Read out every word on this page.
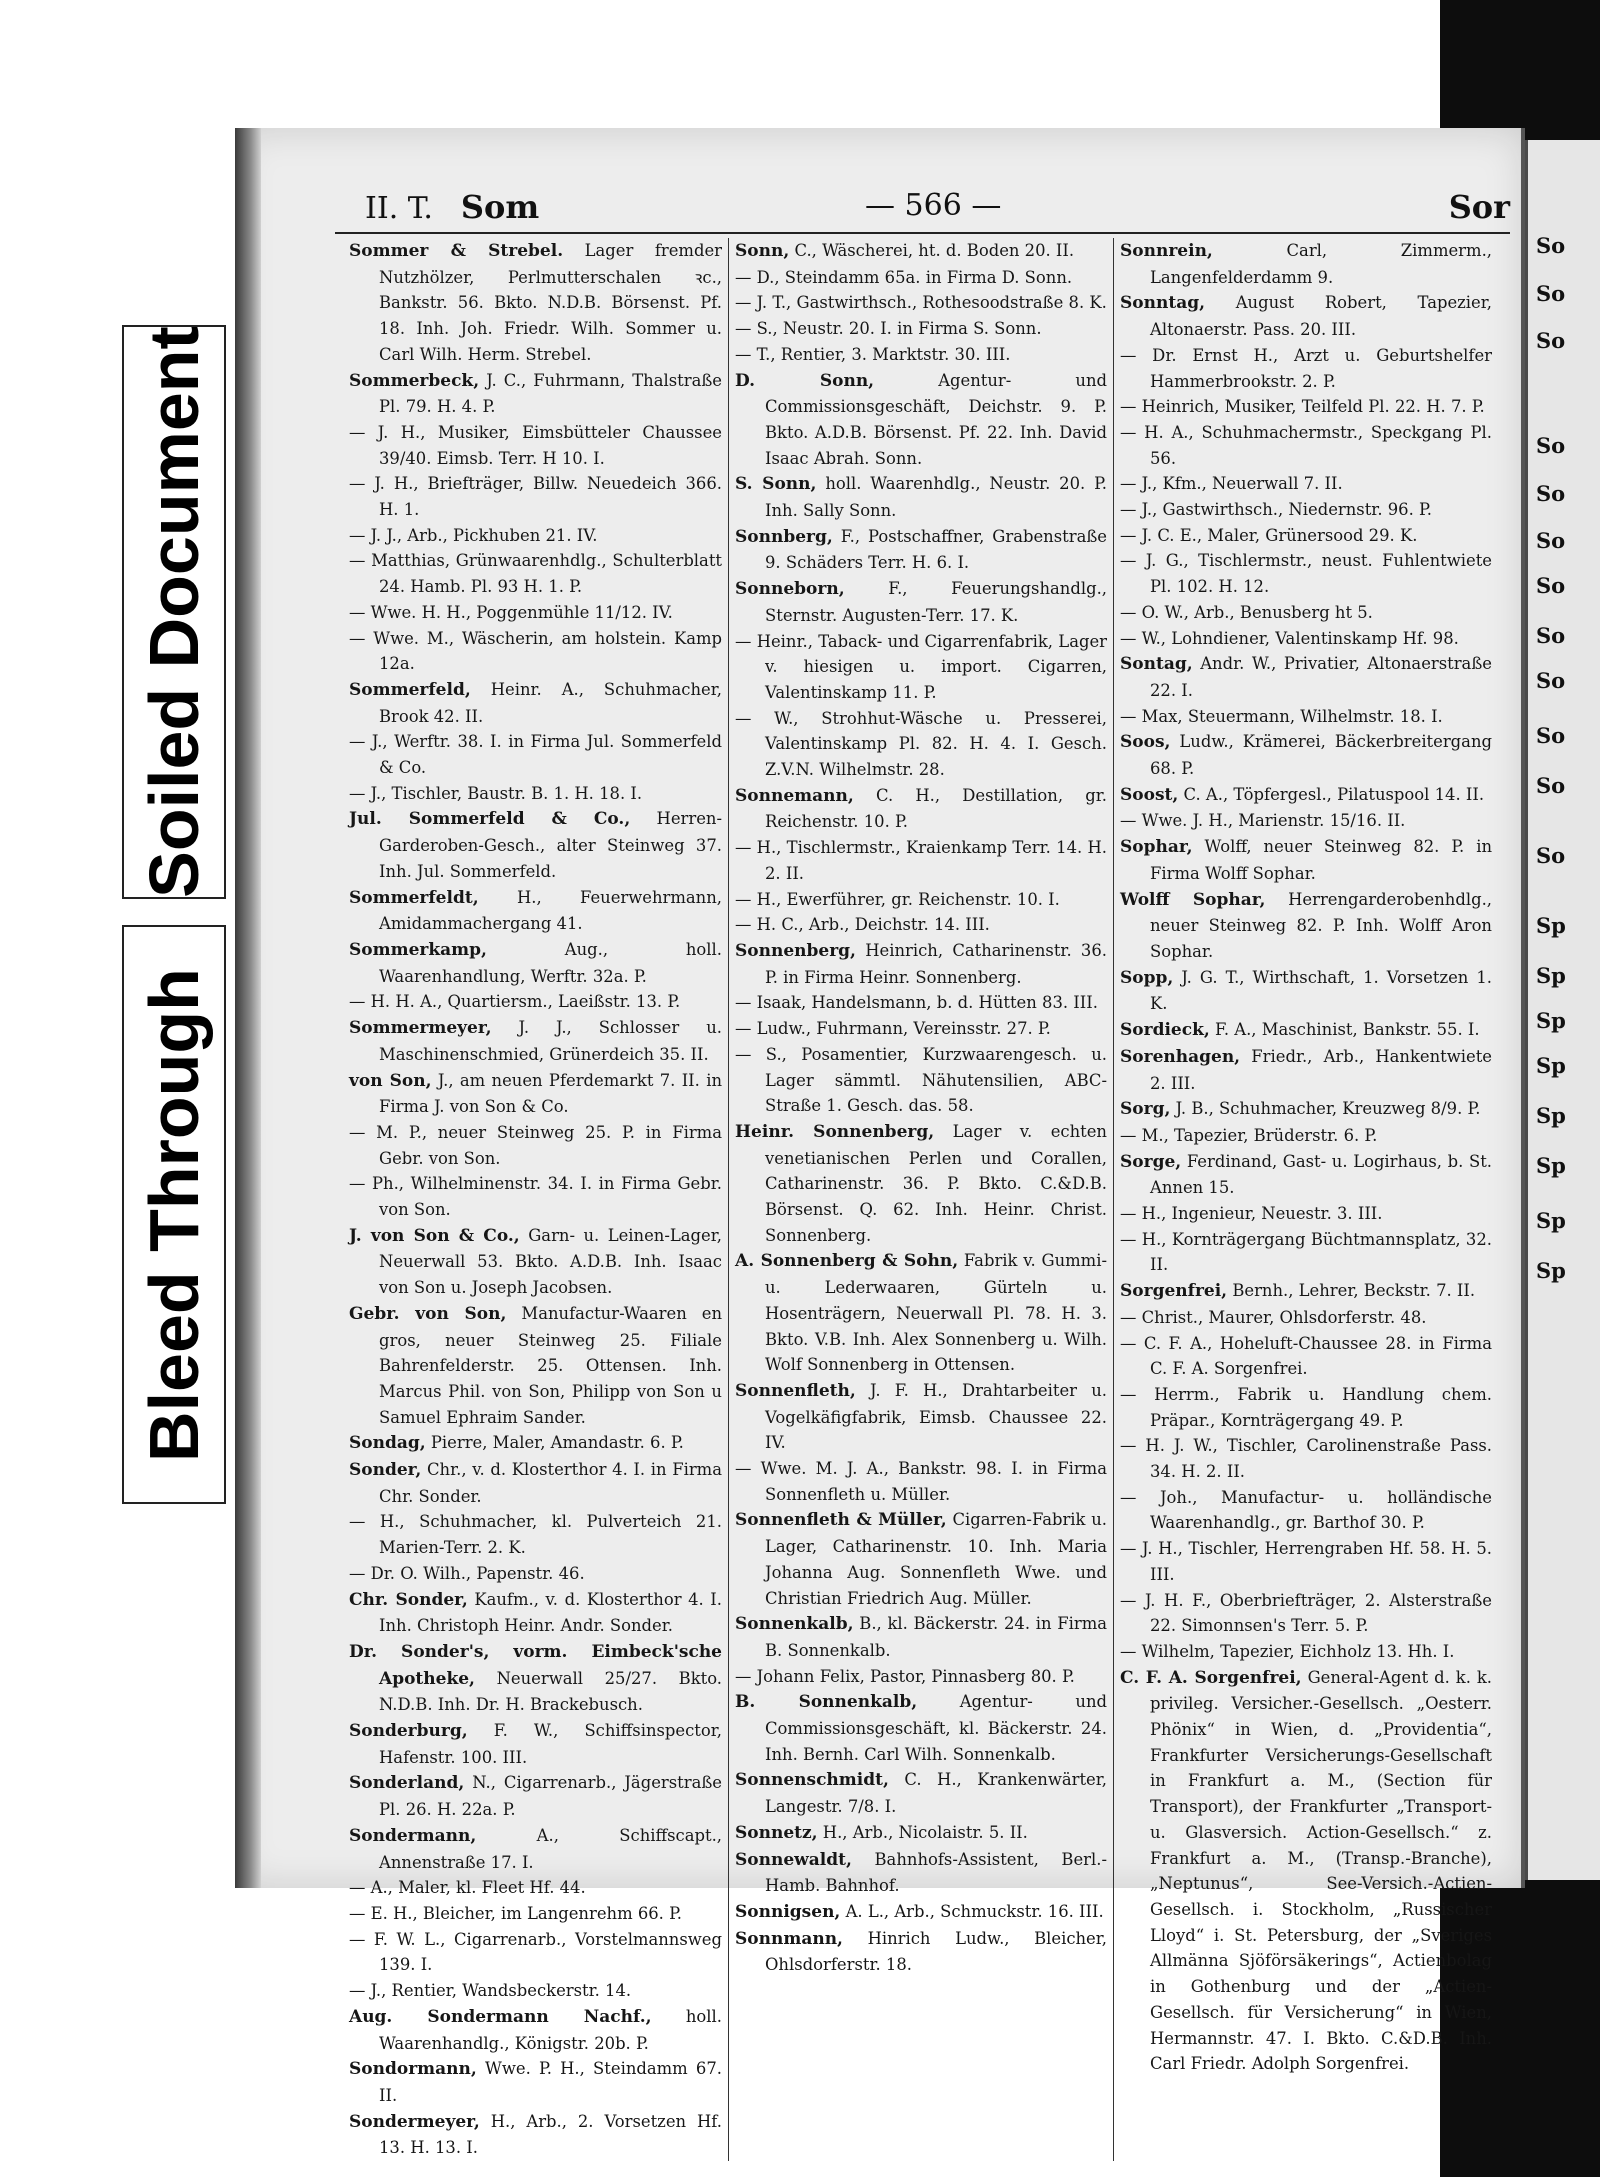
So
So
So
So
So
So
So
So
So
So
So
So
Sp
Sp
Sp
Sp
Sp
Sp
Sp
Sp
Soiled Document
Bleed Through
II. T. Som	— 566 —	Sor

Sommer & Strebel. Lager fremder Nutzhölzer, Perlmutterschalen ꝛc., Bankstr. 56. Bkto. N.D.B. Börsenst. Pf. 18. Inh. Joh. Friedr. Wilh. Sommer u. Carl Wilh. Herm. Strebel.

Sommerbeck, J. C., Fuhrmann, Thalstraße Pl. 79. H. 4. P.

— J. H., Musiker, Eimsbütteler Chaussee 39/40. Eimsb. Terr. H 10. I.

— J. H., Briefträger, Billw. Neuedeich 366. H. 1.

— J. J., Arb., Pickhuben 21. IV.

— Matthias, Grünwaarenhdlg., Schulterblatt 24. Hamb. Pl. 93 H. 1. P.

— Wwe. H. H., Poggenmühle 11/12. IV.

— Wwe. M., Wäscherin, am holstein. Kamp 12a.

Sommerfeld, Heinr. A., Schuhmacher, Brook 42. II.

— J., Werftr. 38. I. in Firma Jul. Sommerfeld & Co.

— J., Tischler, Baustr. B. 1. H. 18. I.

Jul. Sommerfeld & Co., Herren-Garderoben-Gesch., alter Steinweg 37. Inh. Jul. Sommerfeld.

Sommerfeldt, H., Feuerwehrmann, Amidammachergang 41.

Sommerkamp,	Aug., holl. Waarenhandlung, Werftr. 32a. P.

— H. H. A., Quartiersm., Laeißstr. 13. P.

Sommermeyer, J. J., Schlosser u. Maschinenschmied, Grünerdeich 35. II.

von Son, J., am neuen Pferdemarkt 7. II. in Firma J. von Son & Co.

— M. P., neuer Steinweg 25. P. in Firma Gebr. von Son.

— Ph., Wilhelminenstr. 34. I. in Firma Gebr. von Son.

J. von Son & Co., Garn- u. Leinen-Lager, Neuerwall 53. Bkto. A.D.B. Inh. Isaac von Son u. Joseph Jacobsen.

Gebr. von Son, Manufactur-Waaren en gros, neuer Steinweg 25. Filiale Bahrenfelderstr. 25. Ottensen. Inh. Marcus Phil. von Son, Philipp von Son u Samuel Ephraim Sander.

Sondag, Pierre, Maler, Amandastr. 6. P.

Sonder, Chr., v. d. Klosterthor 4. I. in Firma Chr. Sonder.

— H., Schuhmacher, kl. Pulverteich 21. Marien-Terr. 2. K.

— Dr. O. Wilh., Papenstr. 46.

Chr. Sonder, Kaufm., v. d. Klosterthor 4. I. Inh. Christoph Heinr. Andr. Sonder.

Dr. Sonder's, vorm. Eimbeck'sche Apotheke, Neuerwall 25/27. Bkto. N.D.B. Inh. Dr. H. Brackebusch.

Sonderburg, F. W., Schiffsinspector, Hafenstr. 100. III.

Sonderland, N., Cigarrenarb., Jägerstraße Pl. 26. H. 22a. P.

Sondermann,	A., Schiffscapt., Annenstraße 17. I.

— A., Maler, kl. Fleet Hf. 44.

— E. H., Bleicher, im Langenrehm 66. P.

— F. W. L., Cigarrenarb., Vorstelmannsweg 139. I.

— J., Rentier, Wandsbeckerstr. 14.

Aug. Sondermann Nachf., holl. Waarenhandlg., Königstr. 20b. P.

Sondormann, Wwe. P. H., Steindamm 67. II.

Sondermeyer, H., Arb., 2. Vorsetzen Hf. 13. H. 13. I.

Sonn, C., Wäscherei, ht. d. Boden 20. II.

— D., Steindamm 65a. in Firma D. Sonn.

— J. T., Gastwirthsch., Rothesoodstraße 8. K.

— S., Neustr. 20. I. in Firma S. Sonn.

— T., Rentier, 3. Marktstr. 30. III.

D. Sonn,	Agentur- und Commissionsgeschäft, Deichstr. 9. P. Bkto. A.D.B. Börsenst. Pf. 22. Inh. David Isaac Abrah. Sonn.

S. Sonn, holl. Waarenhdlg., Neustr. 20. P. Inh. Sally Sonn.

Sonnberg, F., Postschaffner, Grabenstraße 9. Schäders Terr. H. 6. I.

Sonneborn,	F., Feuerungshandlg., Sternstr. Augusten-Terr. 17. K.

— Heinr., Taback- und Cigarrenfabrik, Lager v. hiesigen u. import. Cigarren, Valentinskamp 11. P.

— W., Strohhut-Wäsche u. Presserei, Valentinskamp Pl. 82. H. 4. I. Gesch. Z.V.N. Wilhelmstr. 28.

Sonnemann, C. H., Destillation, gr. Reichenstr. 10. P.

— H., Tischlermstr., Kraienkamp Terr. 14. H. 2. II.

— H., Ewerführer, gr. Reichenstr. 10. I.

— H. C., Arb., Deichstr. 14. III.

Sonnenberg, Heinrich, Catharinenstr. 36. P. in Firma Heinr. Sonnenberg.

— Isaak, Handelsmann, b. d. Hütten 83. III.

— Ludw., Fuhrmann, Vereinsstr. 27. P.

— S., Posamentier, Kurzwaarengesch. u. Lager sämmtl. Nähutensilien, ABC-Straße 1. Gesch. das. 58.

Heinr. Sonnenberg, Lager v. echten venetianischen Perlen und Corallen, Catharinenstr. 36. P. Bkto. C.&D.B. Börsenst. Q. 62. Inh. Heinr. Christ. Sonnenberg.

A. Sonnenberg & Sohn, Fabrik v. Gummi- u. Lederwaaren, Gürteln u. Hosenträgern, Neuerwall Pl. 78. H. 3. Bkto. V.B. Inh. Alex Sonnenberg u. Wilh. Wolf Sonnenberg in Ottensen.

Sonnenfleth, J. F. H., Drahtarbeiter u. Vogelkäfigfabrik, Eimsb. Chaussee 22. IV.

— Wwe. M. J. A., Bankstr. 98. I. in Firma Sonnenfleth u. Müller.

Sonnenfleth & Müller, Cigarren-Fabrik u. Lager, Catharinenstr. 10. Inh. Maria Johanna Aug. Sonnenfleth Wwe. und Christian Friedrich Aug. Müller.

Sonnenkalb, B., kl. Bäckerstr. 24. in Firma B. Sonnenkalb.

— Johann Felix, Pastor, Pinnasberg 80. P.

B. Sonnenkalb,	Agentur- und Commissionsgeschäft, kl. Bäckerstr. 24. Inh. Bernh. Carl Wilh. Sonnenkalb.

Sonnenschmidt, C. H., Krankenwärter, Langestr. 7/8. I.

Sonnetz, H., Arb., Nicolaistr. 5. II.

Sonnewaldt, Bahnhofs-Assistent, Berl.-Hamb. Bahnhof.

Sonnigsen, A. L., Arb., Schmuckstr. 16. III.

Sonnmann, Hinrich Ludw., Bleicher, Ohlsdorferstr. 18.

Sonnrein,	Carl, Zimmerm., Langenfelderdamm 9.

Sonntag, August Robert, Tapezier, Altonaerstr. Pass. 20. III.

— Dr. Ernst H., Arzt u. Geburtshelfer Hammerbrookstr. 2. P.

— Heinrich, Musiker, Teilfeld Pl. 22. H. 7. P.

— H. A., Schuhmachermstr., Speckgang Pl. 56.

— J., Kfm., Neuerwall 7. II.

— J., Gastwirthsch., Niedernstr. 96. P.

— J. C. E., Maler, Grünersood 29. K.

— J. G., Tischlermstr., neust. Fuhlentwiete Pl. 102. H. 12.

— O. W., Arb., Benusberg ht 5.

— W., Lohndiener, Valentinskamp Hf. 98.

Sontag, Andr. W., Privatier, Altonaerstraße 22. I.

— Max, Steuermann, Wilhelmstr. 18. I.

Soos, Ludw., Krämerei, Bäckerbreitergang 68. P.

Soost, C. A., Töpfergesl., Pilatuspool 14. II.

— Wwe. J. H., Marienstr. 15/16. II.

Sophar, Wolff, neuer Steinweg 82. P. in Firma Wolff Sophar.

Wolff Sophar, Herrengarderobenhdlg., neuer Steinweg 82. P. Inh. Wolff Aron Sophar.

Sopp, J. G. T., Wirthschaft, 1. Vorsetzen 1. K.

Sordieck, F. A., Maschinist, Bankstr. 55. I.

Sorenhagen, Friedr., Arb., Hankentwiete 2. III.

Sorg, J. B., Schuhmacher, Kreuzweg 8/9. P.

— M., Tapezier, Brüderstr. 6. P.

Sorge, Ferdinand, Gast- u. Logirhaus, b. St. Annen 15.

— H., Ingenieur, Neuestr. 3. III.

— H., Kornträgergang Büchtmannsplatz, 32. II.

Sorgenfrei, Bernh., Lehrer, Beckstr. 7. II.

— Christ., Maurer, Ohlsdorferstr. 48.

— C. F. A., Hoheluft-Chaussee 28. in Firma C. F. A. Sorgenfrei.

— Herrm., Fabrik u. Handlung chem. Präpar., Kornträgergang 49. P.

— H. J. W., Tischler, Carolinenstraße Pass. 34. H. 2. II.

— Joh., Manufactur- u. holländische Waarenhandlg., gr. Barthof 30. P.

— J. H., Tischler, Herrengraben Hf. 58. H. 5. III.

— J. H. F., Oberbriefträger, 2. Alsterstraße 22. Simonnsen's Terr. 5. P.

— Wilhelm, Tapezier, Eichholz 13. Hh. I.

C. F. A. Sorgenfrei, General-Agent d. k. k. privileg. Versicher.-Gesellsch. „Oesterr. Phönix“ in Wien, d. „Providentia“, Frankfurter Versicherungs-Gesellschaft in Frankfurt a. M., (Section für Transport), der Frankfurter „Transport- u. Glasversich. Action-Gesellsch.“ z. Frankfurt a. M., (Transp.-Branche), „Neptunus“, See-Versich.-Actien-Gesellsch. i. Stockholm, „Russischer Lloyd“ i. St. Petersburg, der „Sveriges Allmänna Sjöförsäkerings“, Actienbolag in Gothenburg und der „Actien-Gesellsch. für Versicherung“ in Wien, Hermannstr. 47. I. Bkto. C.&D.B. Inh. Carl Friedr. Adolph Sorgenfrei.
